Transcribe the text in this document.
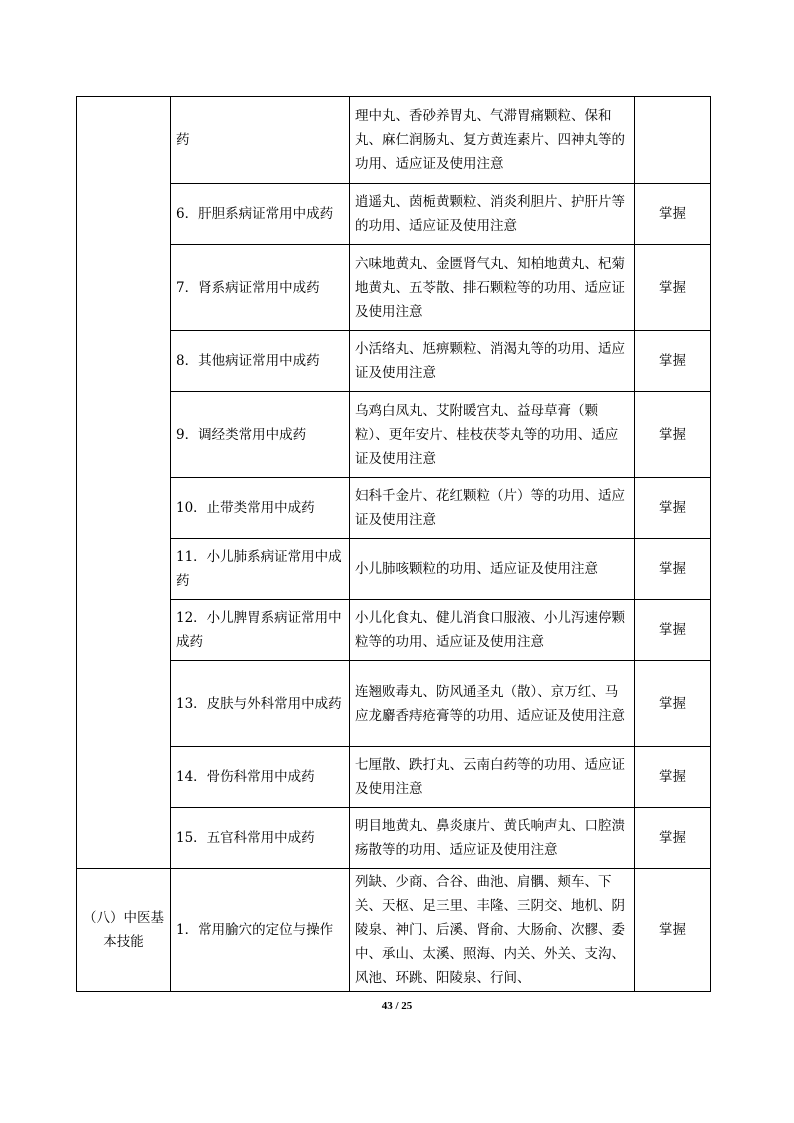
	药	理中丸、香砂养胃丸、气滞胃痛颗粒、保和丸、麻仁润肠丸、复方黄连素片、四神丸等的功用、适应证及使用注意	
	6．肝胆系病证常用中成药	逍遥丸、茵栀黄颗粒、消炎利胆片、护肝片等的功用、适应证及使用注意	掌握
	7．肾系病证常用中成药	六味地黄丸、金匮肾气丸、知柏地黄丸、杞菊地黄丸、五苓散、排石颗粒等的功用、适应证及使用注意	掌握
	8．其他病证常用中成药	小活络丸、尪痹颗粒、消渴丸等的功用、适应证及使用注意	掌握
	9．调经类常用中成药	乌鸡白凤丸、艾附暖宫丸、益母草膏（颗粒）、更年安片、桂枝茯苓丸等的功用、适应证及使用注意	掌握
	10．止带类常用中成药	妇科千金片、花红颗粒（片）等的功用、适应证及使用注意	掌握
	11．小儿肺系病证常用中成药	小儿肺咳颗粒的功用、适应证及使用注意	掌握
	12．小儿脾胃系病证常用中成药	小儿化食丸、健儿消食口服液、小儿泻速停颗粒等的功用、适应证及使用注意	掌握
	13．皮肤与外科常用中成药	连翘败毒丸、防风通圣丸（散）、京万红、马应龙麝香痔疮膏等的功用、适应证及使用注意	掌握
	14．骨伤科常用中成药	七厘散、跌打丸、云南白药等的功用、适应证及使用注意	掌握
	15．五官科常用中成药	明目地黄丸、鼻炎康片、黄氏响声丸、口腔溃疡散等的功用、适应证及使用注意	掌握
（八）中医基本技能	1．常用腧穴的定位与操作	列缺、少商、合谷、曲池、肩髃、颊车、下关、天枢、足三里、丰隆、三阴交、地机、阴陵泉、神门、后溪、肾俞、大肠俞、次髎、委中、承山、太溪、照海、内关、外关、支沟、风池、环跳、阳陵泉、行间、	掌握
43 / 25
